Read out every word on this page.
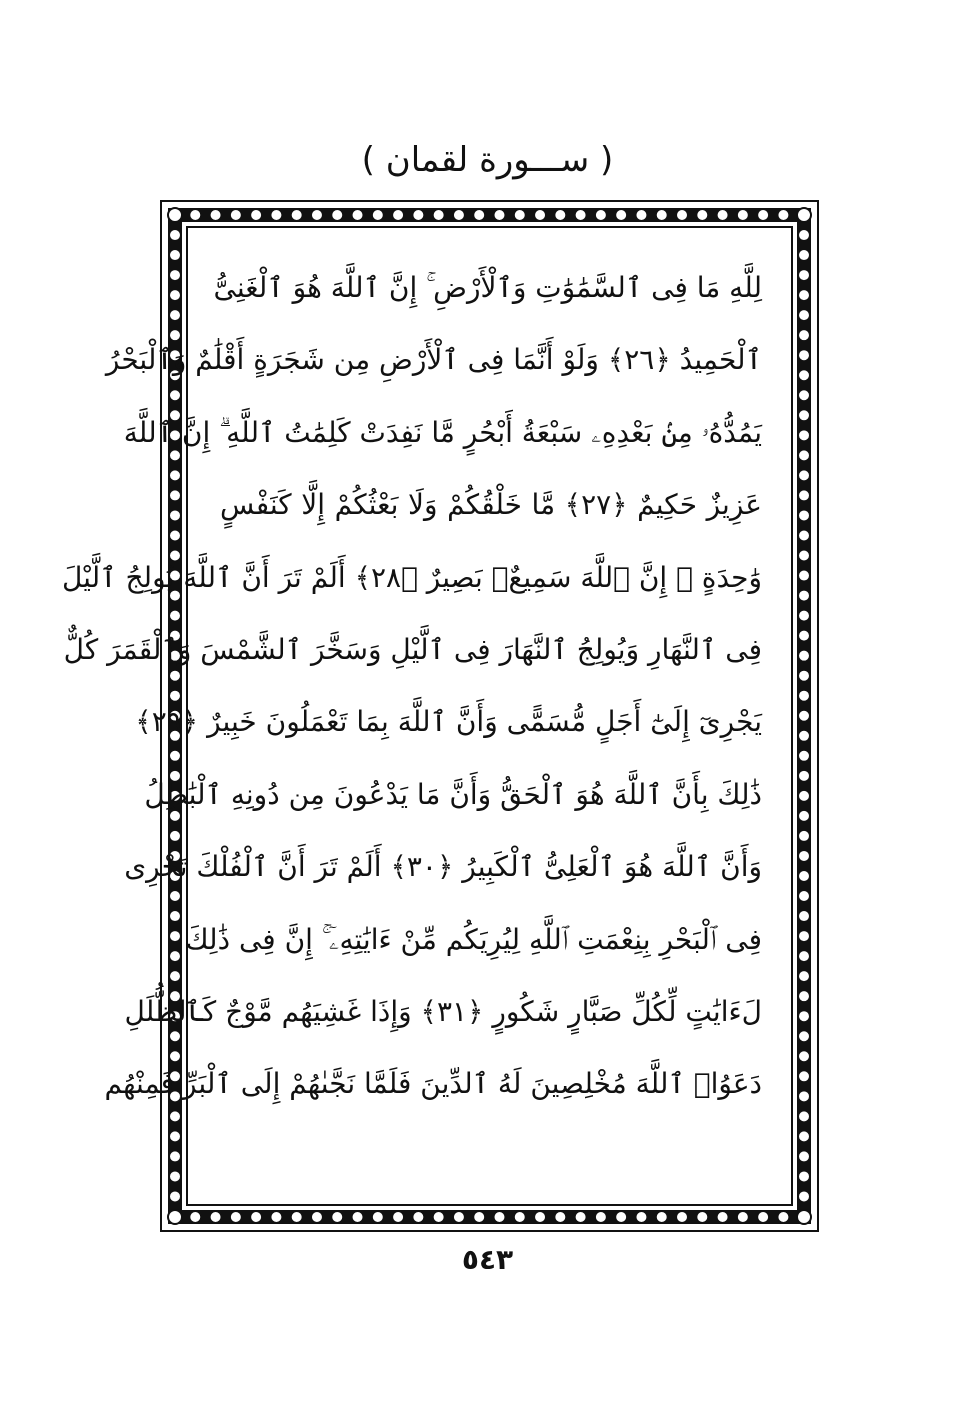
( ســـورة لقمان )
لِلَّهِ مَا فِى ٱلسَّمَٰوَٰتِ وَٱلْأَرْضِ ۚ إِنَّ ٱللَّهَ هُوَ ٱلْغَنِىُّ
ٱلْحَمِيدُ ﴿٢٦﴾ وَلَوْ أَنَّمَا فِى ٱلْأَرْضِ مِن شَجَرَةٍ أَقْلَٰمٌ وَٱلْبَحْرُ
يَمُدُّهُۥ مِنۢ بَعْدِهِۦ سَبْعَةُ أَبْحُرٍ مَّا نَفِدَتْ كَلِمَٰتُ ٱللَّهِ ۗ إِنَّ ٱللَّهَ
عَزِيزٌ حَكِيمٌ ﴿٢٧﴾ مَّا خَلْقُكُمْ وَلَا بَعْثُكُمْ إِلَّا كَنَفْسٍ
وَٰحِدَةٍ ۗ إِنَّ ٱللَّهَ سَمِيعٌۢ بَصِيرٌ ﴿٢٨﴾ أَلَمْ تَرَ أَنَّ ٱللَّهَ يُولِجُ ٱلَّيْلَ
فِى ٱلنَّهَارِ وَيُولِجُ ٱلنَّهَارَ فِى ٱلَّيْلِ وَسَخَّرَ ٱلشَّمْسَ وَٱلْقَمَرَ كُلٌّ
يَجْرِىٓ إِلَىٰٓ أَجَلٍ مُّسَمًّى وَأَنَّ ٱللَّهَ بِمَا تَعْمَلُونَ خَبِيرٌ ﴿٢٩﴾
ذَٰلِكَ بِأَنَّ ٱللَّهَ هُوَ ٱلْحَقُّ وَأَنَّ مَا يَدْعُونَ مِن دُونِهِ ٱلْبَٰطِلُ
وَأَنَّ ٱللَّهَ هُوَ ٱلْعَلِىُّ ٱلْكَبِيرُ ﴿٣٠﴾ أَلَمْ تَرَ أَنَّ ٱلْفُلْكَ تَجْرِى
فِى ٱلْبَحْرِ بِنِعْمَتِ ٱللَّهِ لِيُرِيَكُم مِّنْ ءَايَٰتِهِۦٓ ۚ إِنَّ فِى ذَٰلِكَ
لَءَايَٰتٍ لِّكُلِّ صَبَّارٍ شَكُورٍ ﴿٣١﴾ وَإِذَا غَشِيَهُم مَّوْجٌ كَٱلظُّلَلِ
دَعَوُا۟ ٱللَّهَ مُخْلِصِينَ لَهُ ٱلدِّينَ فَلَمَّا نَجَّىٰهُمْ إِلَى ٱلْبَرِّ فَمِنْهُم
٥٤٣
